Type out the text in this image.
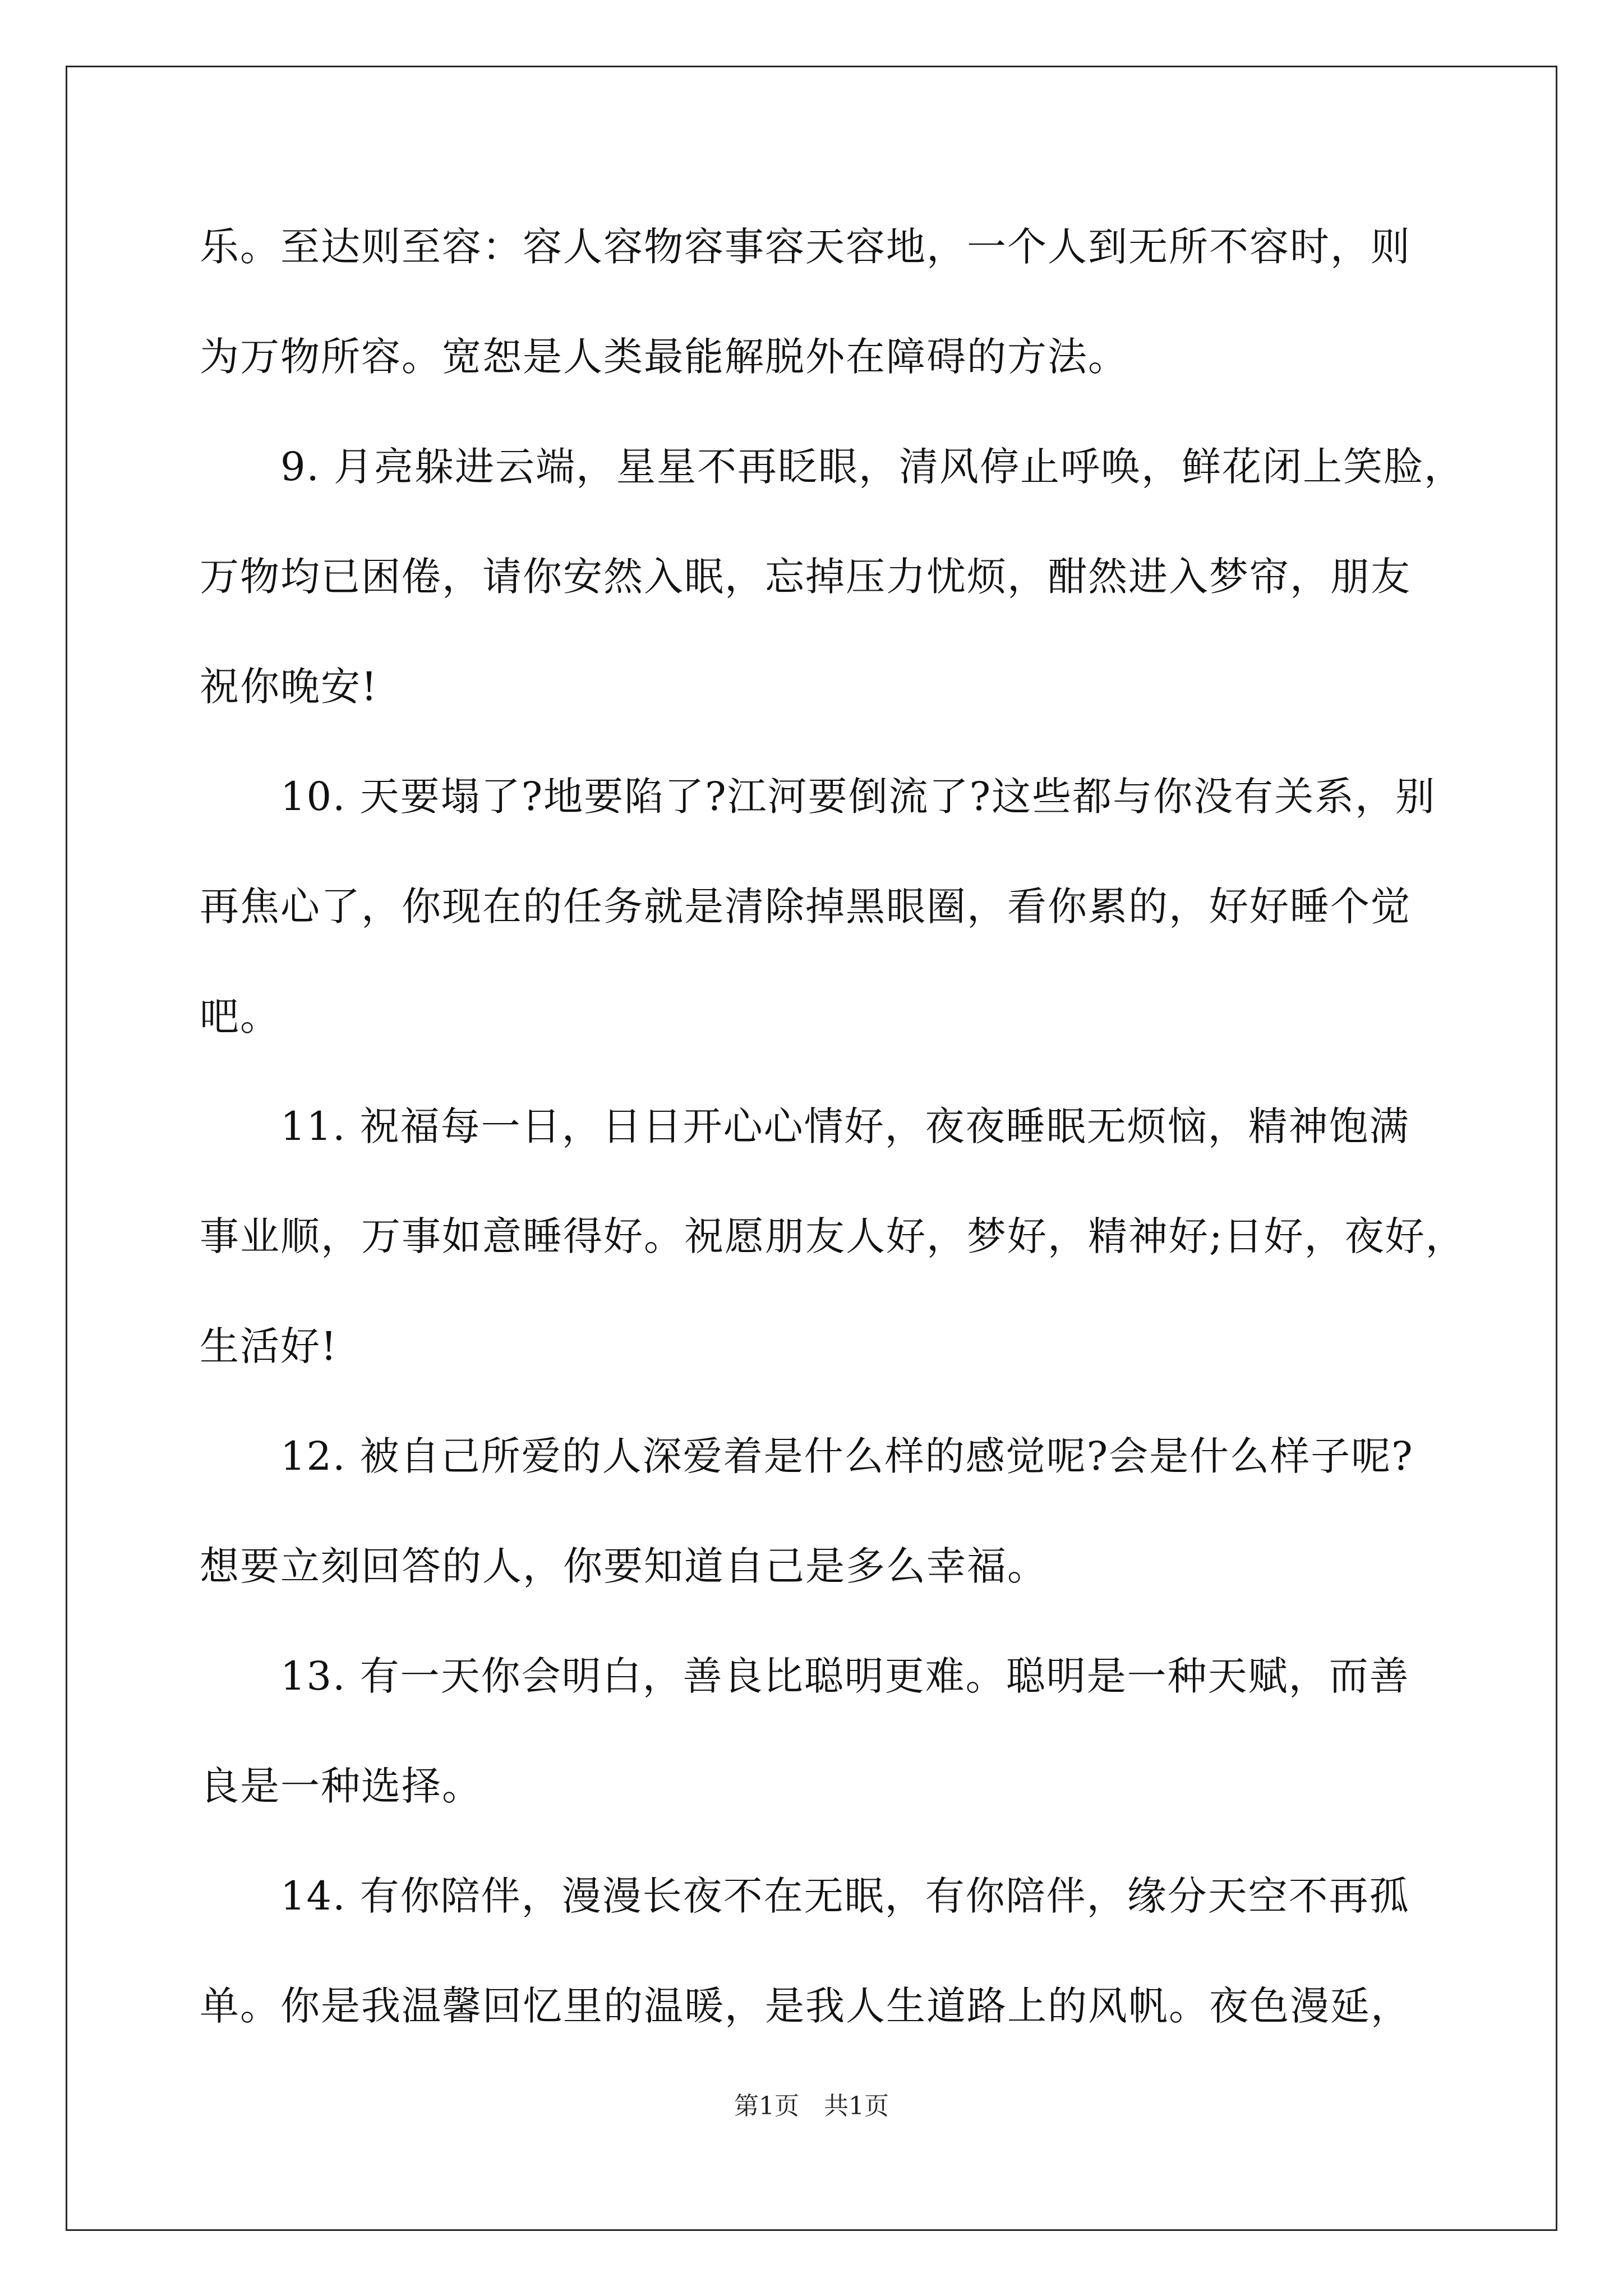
乐。至达则至容：容人容物容事容天容地，一个人到无所不容时，则
为万物所容。宽恕是人类最能解脱外在障碍的方法。
　　9. 月亮躲进云端，星星不再眨眼，清风停止呼唤，鲜花闭上笑脸，
万物均已困倦，请你安然入眠，忘掉压力忧烦，酣然进入梦帘，朋友
祝你晚安!
　　10. 天要塌了?地要陷了?江河要倒流了?这些都与你没有关系，别
再焦心了，你现在的任务就是清除掉黑眼圈，看你累的，好好睡个觉
吧。
　　11. 祝福每一日，日日开心心情好，夜夜睡眠无烦恼，精神饱满
事业顺，万事如意睡得好。祝愿朋友人好，梦好，精神好;日好，夜好，
生活好!
　　12. 被自己所爱的人深爱着是什么样的感觉呢?会是什么样子呢?
想要立刻回答的人，你要知道自己是多么幸福。
　　13. 有一天你会明白，善良比聪明更难。聪明是一种天赋，而善
良是一种选择。
　　14. 有你陪伴，漫漫长夜不在无眠，有你陪伴，缘分天空不再孤
单。你是我温馨回忆里的温暖，是我人生道路上的风帆。夜色漫延，
第1页　共1页
